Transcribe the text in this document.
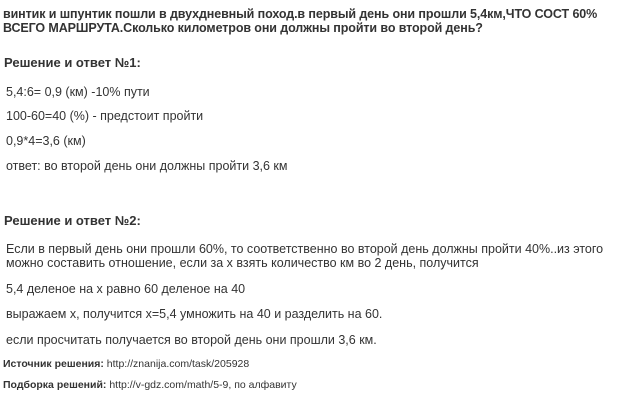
винтик и шпунтик пошли в двухдневный поход.в первый день они прошли 5,4км,ЧТО СОСТ 60% ВСЕГО МАРШРУТА.Сколько километров они должны пройти во второй день?
Решение и ответ №1:
5,4:6= 0,9 (км) -10% пути
100-60=40 (%) - предстоит пройти
0,9*4=3,6 (км)
ответ: во второй день они должны пройти 3,6 км
Решение и ответ №2:
Если в первый день они прошли 60%, то соответственно во второй день должны пройти 40%..из этого можно составить отношение, если за х взять количество км во 2 день, получится
5,4 деленое на х равно 60 деленое на 40
выражаем х, получится х=5,4 умножить на 40 и разделить на 60.
если просчитать получается во второй день они прошли 3,6 км.
Источник решения: http://znanija.com/task/205928
Подборка решений: http://v-gdz.com/math/5-9, по алфавиту
